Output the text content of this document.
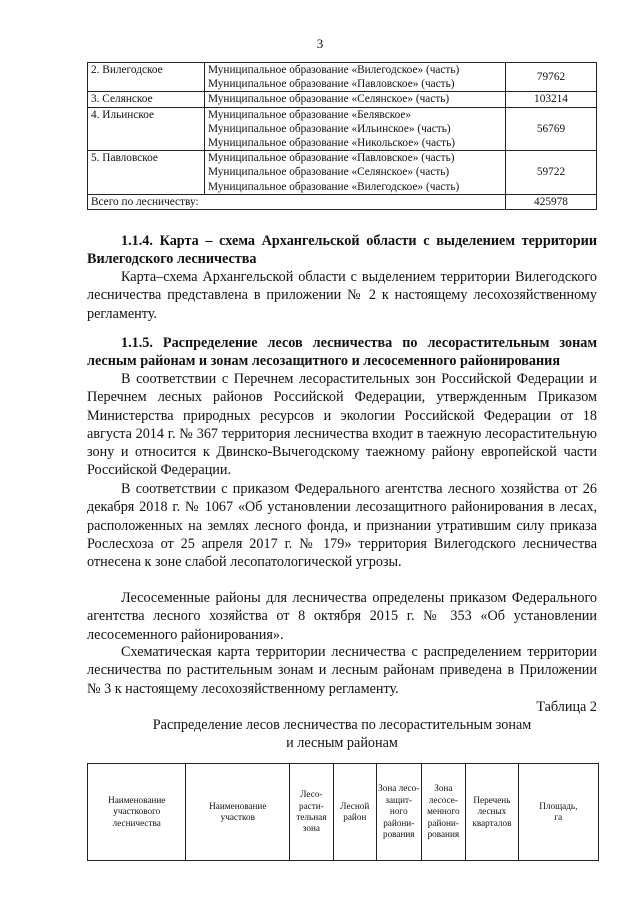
3
2. Вилегодское	Муниципальное образование «Вилегодское» (часть)
Муниципальное образование «Павловское» (часть)	79762
3. Селянское	Муниципальное образование «Селянское» (часть)	103214
4. Ильинское	Муниципальное образование «Белявское»
Муниципальное образование «Ильинское» (часть)
Муниципальное образование «Никольское» (часть)	56769
5. Павловское	Муниципальное образование «Павловское» (часть)
Муниципальное образование «Селянское» (часть)
Муниципальное образование «Вилегодское» (часть)	59722
Всего по лесничеству:		425978
1.1.4. Карта – схема Архангельской области с выделением территории Вилегодского лесничества
Карта–схема Архангельской области с выделением территории Вилегодского лесничества представлена в приложении № 2 к настоящему лесохозяйственному регламенту.
1.1.5. Распределение лесов лесничества по лесорастительным зонам лесным районам и зонам лесозащитного и лесосеменного районирования
В соответствии с Перечнем лесорастительных зон Российской Федерации и Перечнем лесных районов Российской Федерации, утвержденным Приказом Министерства природных ресурсов и экологии Российской Федерации от 18 августа 2014 г. № 367 территория лесничества входит в таежную лесорастительную зону и относится к Двинско-Вычегодскому таежному району европейской части Российской Федерации.
В соответствии с приказом Федерального агентства лесного хозяйства от 26 декабря 2018 г. № 1067 «Об установлении лесозащитного районирования в лесах, расположенных на землях лесного фонда, и признании утратившим силу приказа Рослесхоза от 25 апреля 2017 г. № 179» территория Вилегодского лесничества отнесена к зоне слабой лесопатологической угрозы.
Лесосеменные районы для лесничества определены приказом Федерального агентства лесного хозяйства от 8 октября 2015 г. № 353 «Об установлении лесосеменного районирования».
Схематическая карта территории лесничества с распределением территории лесничества по растительным зонам и лесным районам приведена в Приложении № 3 к настоящему лесохозяйственному регламенту.
Таблица 2
Распределение лесов лесничества по лесорастительным зонам
и лесным районам
Наименование
участкового
лесничества

Наименование
участков

Лесо-
расти-
тельная
зона

Лесной
район

Зона лесо-
защит-
ного
райони-
рования

Зона
лесосе-
менного
райони-
рования

Перечень
лесных
кварталов

Площадь,
га
